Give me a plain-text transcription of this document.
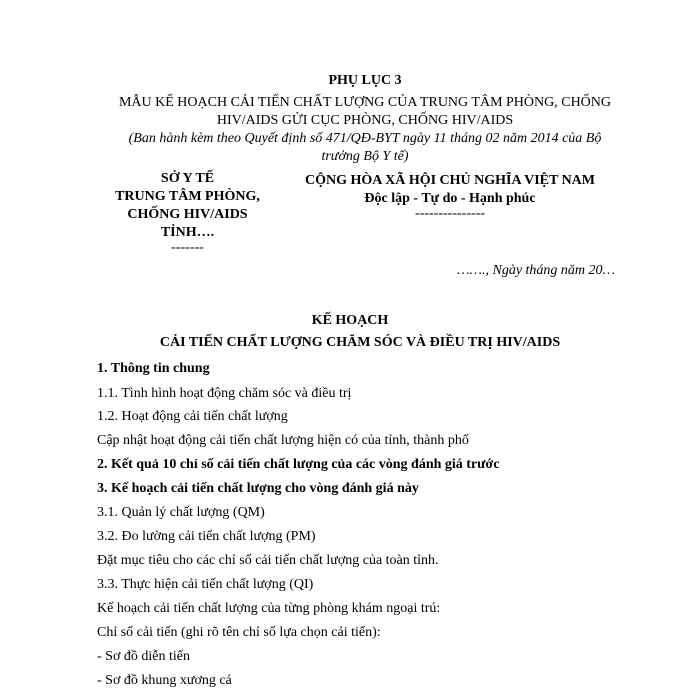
PHỤ LỤC 3
MẪU KẾ HOẠCH CẢI TIẾN CHẤT LƯỢNG CỦA TRUNG TÂM PHÒNG, CHỐNG
HIV/AIDS GỬI CỤC PHÒNG, CHỐNG HIV/AIDS
(Ban hành kèm theo Quyết định số 471/QĐ-BYT ngày 11 tháng 02 năm 2014 của Bộ
trưởng Bộ Y tế)
SỞ Y TẾ
TRUNG TÂM PHÒNG,
CHỐNG HIV/AIDS
TỈNH….
-------
CỘNG HÒA XÃ HỘI CHỦ NGHĨA VIỆT NAM
Độc lập - Tự do - Hạnh phúc
---------------
……., Ngày tháng năm 20…
KẾ HOẠCH
CẢI TIẾN CHẤT LƯỢNG CHĂM SÓC VÀ ĐIỀU TRỊ HIV/AIDS
1. Thông tin chung
1.1. Tình hình hoạt động chăm sóc và điều trị
1.2. Hoạt động cải tiến chất lượng
Cập nhật hoạt động cải tiến chất lượng hiện có của tỉnh, thành phố
2. Kết quả 10 chỉ số cải tiến chất lượng của các vòng đánh giá trước
3. Kế hoạch cải tiến chất lượng cho vòng đánh giá này
3.1. Quản lý chất lượng (QM)
3.2. Đo lường cải tiến chất lượng (PM)
Đặt mục tiêu cho các chỉ số cải tiến chất lượng của toàn tỉnh.
3.3. Thực hiện cải tiến chất lượng (QI)
Kế hoạch cải tiến chất lượng của từng phòng khám ngoại trú:
Chỉ số cải tiến (ghi rõ tên chỉ số lựa chọn cải tiến):
- Sơ đồ diễn tiến
- Sơ đồ khung xương cá
